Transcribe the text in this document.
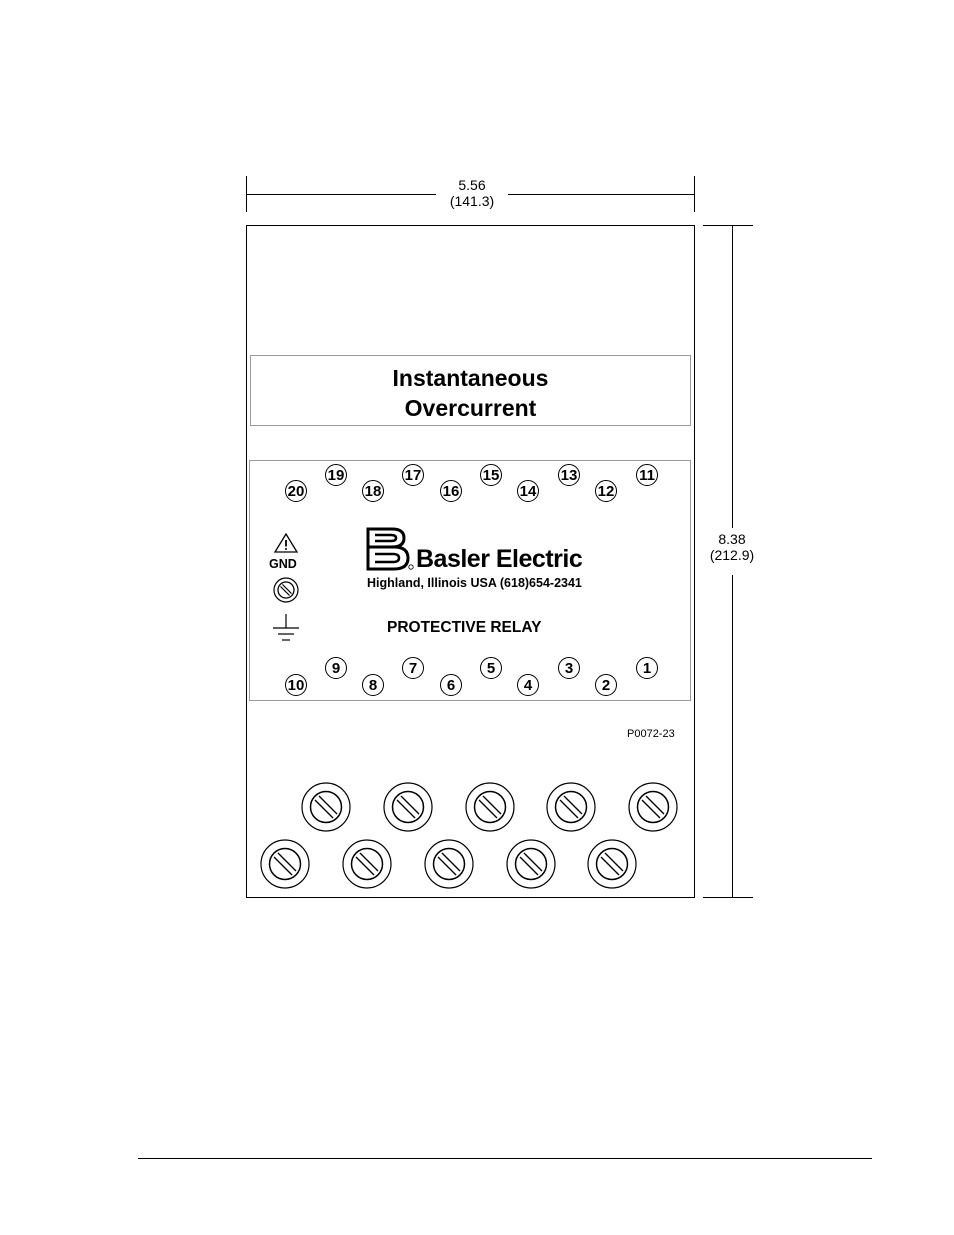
5.56
(141.3)
8.38
(212.9)
Instantaneous
Overcurrent
20
19
18
17
16
15
14
13
12
11
10
9
8
7
6
5
4
3
2
1
GND	Basler Electric
Highland, Illinois USA (618)654-2341
PROTECTIVE RELAY
P0072-23
